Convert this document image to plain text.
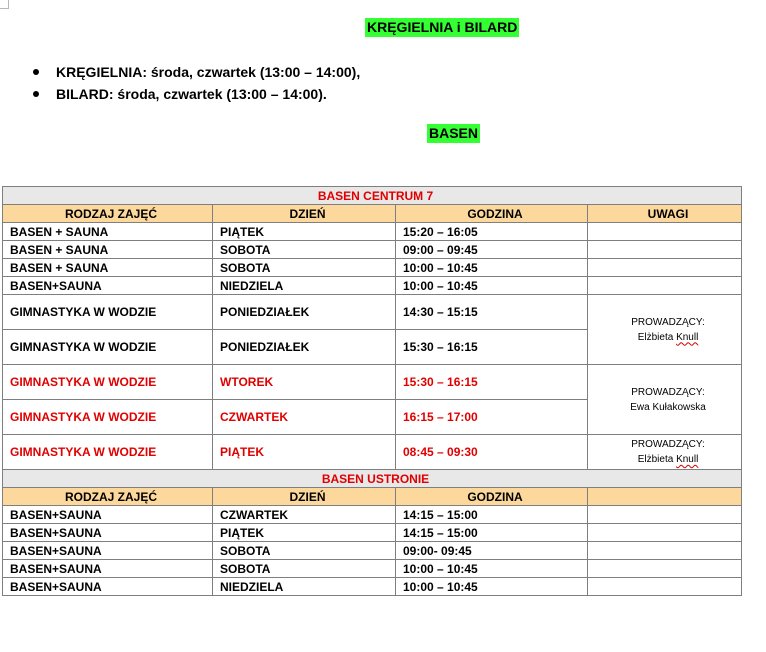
KRĘGIELNIA i BILARD
KRĘGIELNIA: środa, czwartek (13:00 – 14:00),
BILARD: środa, czwartek (13:00 – 14:00).
BASEN
BASEN CENTRUM 7			
RODZAJ ZAJĘĆ	DZIEŃ	GODZINA	UWAGI
BASEN + SAUNA	PIĄTEK	15:20 – 16:05	
BASEN + SAUNA	SOBOTA	09:00 – 09:45	
BASEN + SAUNA	SOBOTA	10:00 – 10:45	
BASEN+SAUNA	NIEDZIELA	10:00 – 10:45	
GIMNASTYKA W WODZIE	PONIEDZIAŁEK	14:30 – 15:15	PROWADZĄCY:
Elżbieta Knull

GIMNASTYKA W WODZIE	PONIEDZIAŁEK	15:30 – 16:15	
GIMNASTYKA W WODZIE	WTOREK	15:30 – 16:15	PROWADZĄCY:
Ewa Kułakowska

GIMNASTYKA W WODZIE	CZWARTEK	16:15 – 17:00	
GIMNASTYKA W WODZIE	PIĄTEK	08:45 – 09:30	PROWADZĄCY:
Elżbieta Knull

BASEN USTRONIE			
RODZAJ ZAJĘĆ	DZIEŃ	GODZINA	
BASEN+SAUNA	CZWARTEK	14:15 – 15:00	
BASEN+SAUNA	PIĄTEK	14:15 – 15:00	
BASEN+SAUNA	SOBOTA	09:00- 09:45	
BASEN+SAUNA	SOBOTA	10:00 – 10:45	
BASEN+SAUNA	NIEDZIELA	10:00 – 10:45	
